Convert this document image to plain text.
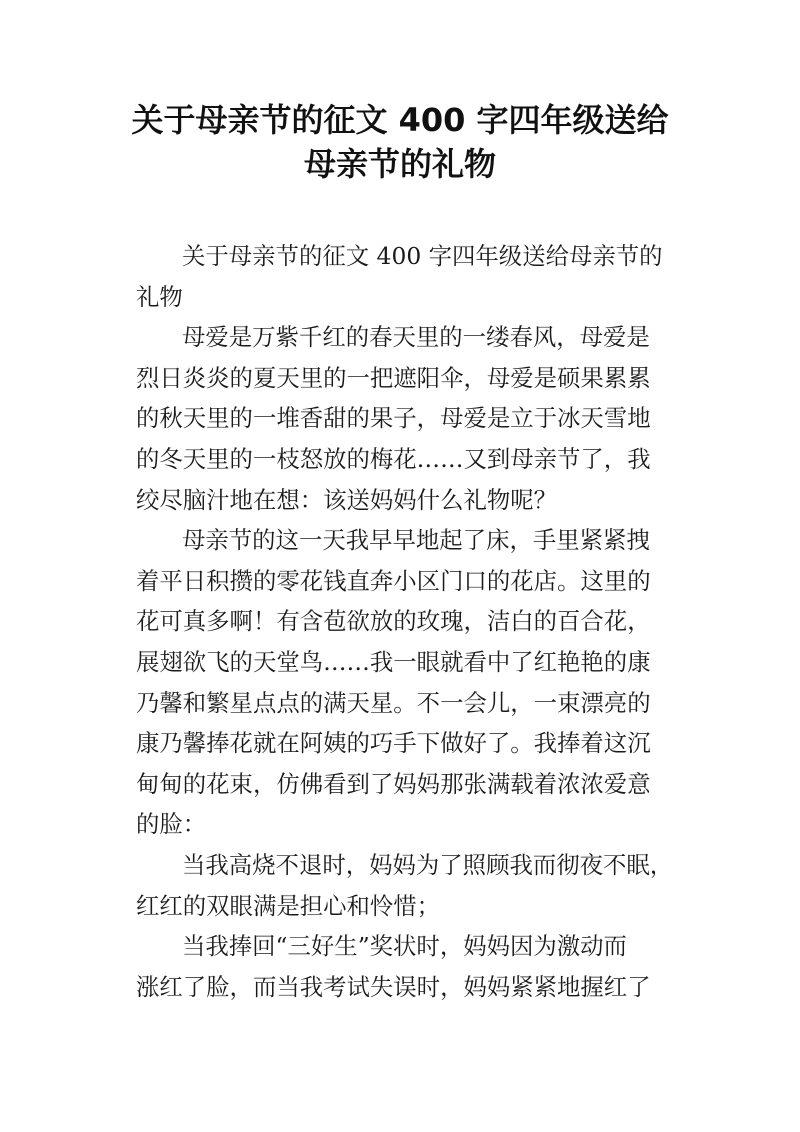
关于母亲节的征文 400 字四年级送给
母亲节的礼物

关于母亲节的征文 400 字四年级送给母亲节的
礼物

母爱是万紫千红的春天里的一缕春风，母爱是
烈日炎炎的夏天里的一把遮阳伞，母爱是硕果累累
的秋天里的一堆香甜的果子，母爱是立于冰天雪地
的冬天里的一枝怒放的梅花……又到母亲节了，我
绞尽脑汁地在想：该送妈妈什么礼物呢？

母亲节的这一天我早早地起了床，手里紧紧拽
着平日积攒的零花钱直奔小区门口的花店。这里的
花可真多啊！有含苞欲放的玫瑰，洁白的百合花，
展翅欲飞的天堂鸟……我一眼就看中了红艳艳的康
乃馨和繁星点点的满天星。不一会儿，一束漂亮的
康乃馨捧花就在阿姨的巧手下做好了。我捧着这沉
甸甸的花束，仿佛看到了妈妈那张满载着浓浓爱意
的脸：

当我高烧不退时，妈妈为了照顾我而彻夜不眠，
红红的双眼满是担心和怜惜；

当我捧回“三好生”奖状时，妈妈因为激动而
涨红了脸，而当我考试失误时，妈妈紧紧地握红了
